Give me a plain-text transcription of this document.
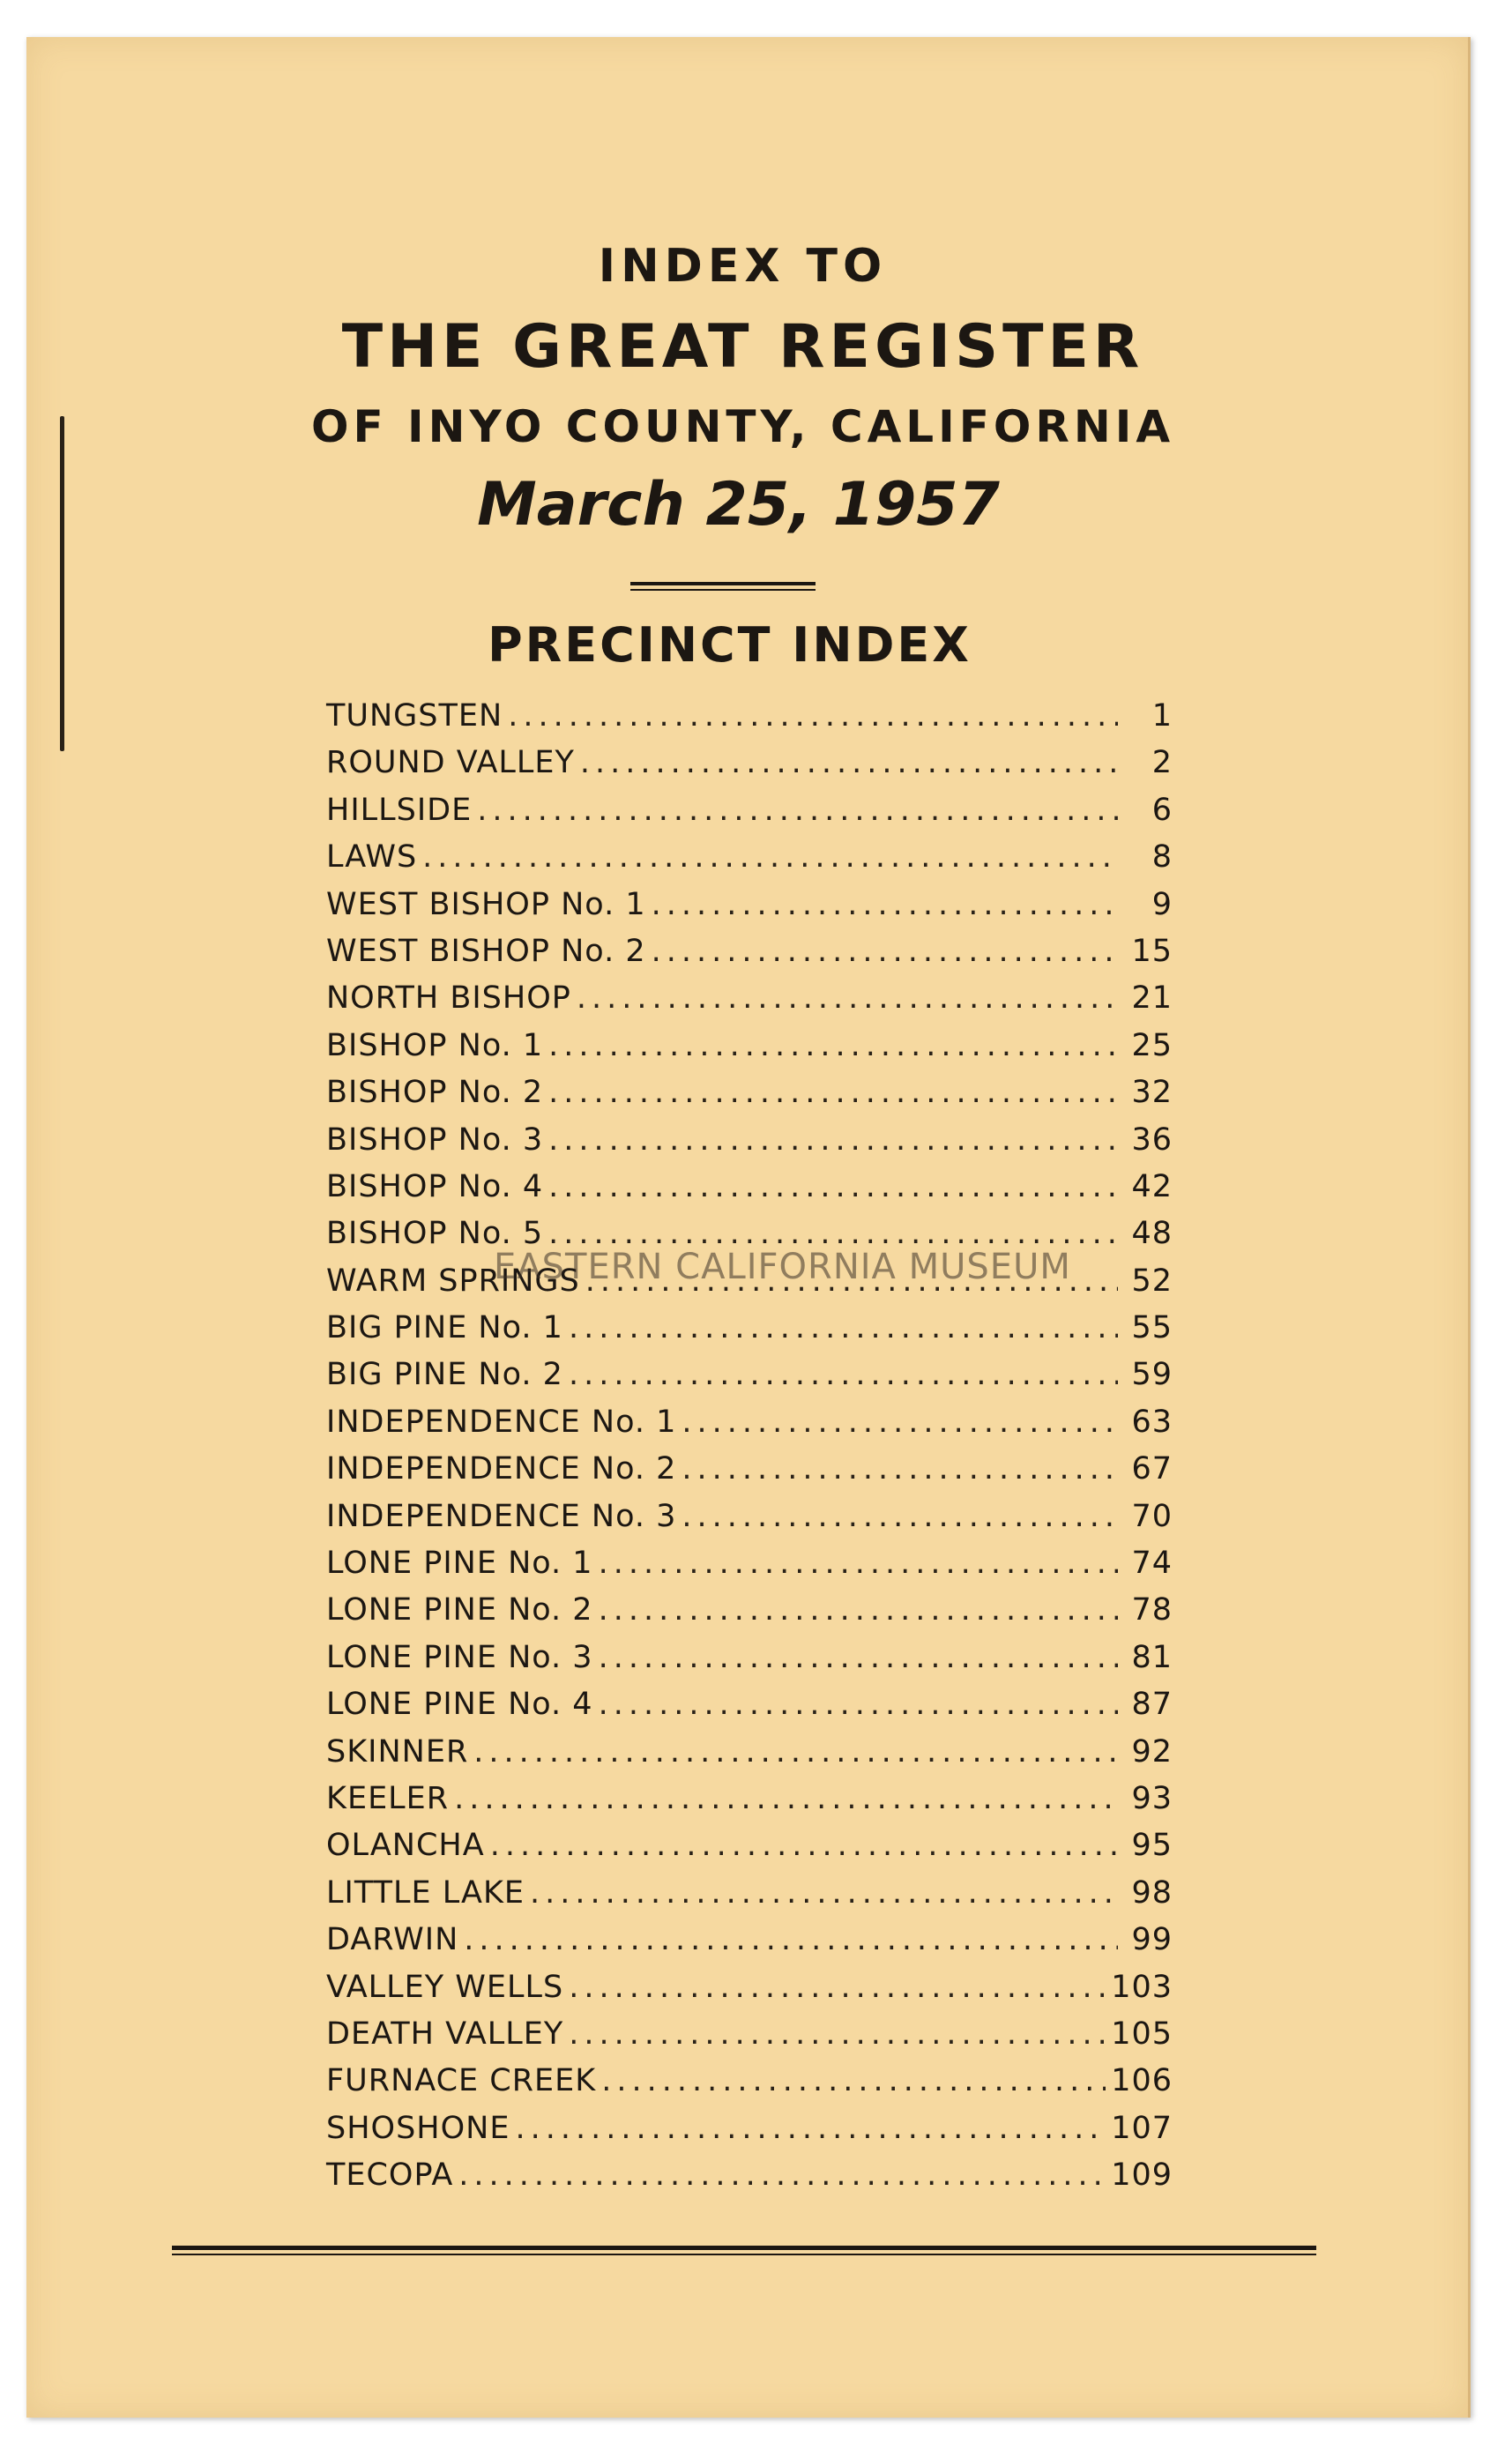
INDEX TO
THE GREAT REGISTER
OF INYO COUNTY, CALIFORNIA
March 25, 1957
PRECINCT INDEX
TUNGSTEN .....	1
ROUND VALLEY .....	2
HILLSIDE .....	6
LAWS .....	8
WEST BISHOP No. 1 .....	9
WEST BISHOP No. 2 .....	15
NORTH BISHOP .....	21
BISHOP No. 1 .....	25
BISHOP No. 2 .....	32
BISHOP No. 3 .....	36
BISHOP No. 4 .....	42
BISHOP No. 5 .....	48
WARM SPRINGS .....	52
BIG PINE No. 1 .....	55
BIG PINE No. 2 .....	59
INDEPENDENCE No. 1 .....	63
INDEPENDENCE No. 2 .....	67
INDEPENDENCE No. 3 .....	70
LONE PINE No. 1 .....	74
LONE PINE No. 2 .....	78
LONE PINE No. 3 .....	81
LONE PINE No. 4 .....	87
SKINNER .....	92
KEELER .....	93
OLANCHA .....	95
LITTLE LAKE .....	98
DARWIN .....	99
VALLEY WELLS .....	103
DEATH VALLEY .....	105
FURNACE CREEK .....	106
SHOSHONE .....	107
TECOPA .....	109
EASTERN CALIFORNIA MUSEUM
